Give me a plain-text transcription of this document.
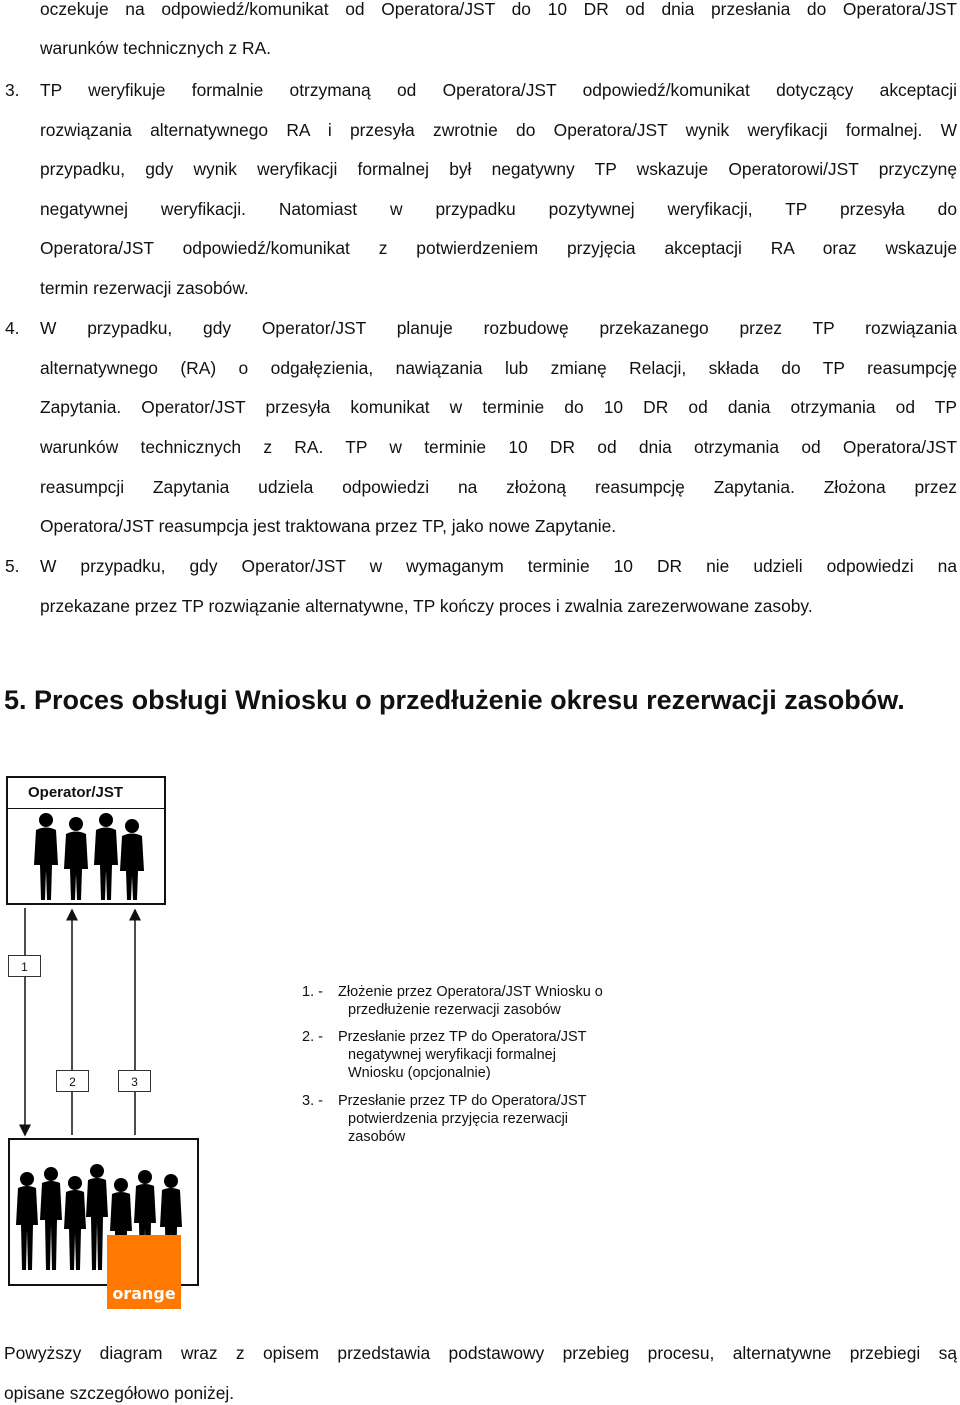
oczekuje na odpowiedź/komunikat od Operatora/JST do 10 DR od dnia przesłania do Operatora/JST
warunków technicznych z RA.
3. TP weryfikuje formalnie otrzymaną od Operatora/JST odpowiedź/komunikat dotyczący akceptacji
rozwiązania alternatywnego RA i przesyła zwrotnie do Operatora/JST wynik weryfikacji formalnej. W
przypadku, gdy wynik weryfikacji formalnej był negatywny TP wskazuje Operatorowi/JST przyczynę
negatywnej weryfikacji. Natomiast w przypadku pozytywnej weryfikacji, TP przesyła do
Operatora/JST odpowiedź/komunikat z potwierdzeniem przyjęcia akceptacji RA oraz wskazuje
termin rezerwacji zasobów.
4. W przypadku, gdy Operator/JST planuje rozbudowę przekazanego przez TP rozwiązania
alternatywnego (RA) o odgałęzienia, nawiązania lub zmianę Relacji, składa do TP reasumpcję
Zapytania. Operator/JST przesyła komunikat w terminie do 10 DR od dania otrzymania od TP
warunków technicznych z RA. TP w terminie 10 DR od dnia otrzymania od Operatora/JST
reasumpcji Zapytania udziela odpowiedzi na złożoną reasumpcję Zapytania. Złożona przez
Operatora/JST reasumpcja jest traktowana przez TP, jako nowe Zapytanie.
5. W przypadku, gdy Operator/JST w wymaganym terminie 10 DR nie udzieli odpowiedzi na
przekazane przez TP rozwiązanie alternatywne, TP kończy proces i zwalnia zarezerwowane zasoby.
5. Proces obsługi Wniosku o przedłużenie okresu rezerwacji zasobów.
Operator/JST
1
2	3
orange
1. - Złożenie przez Operatora/JST Wniosku o
przedłużenie rezerwacji zasobów
2. - Przesłanie przez TP do Operatora/JST
negatywnej weryfikacji formalnej
Wniosku (opcjonalnie)
3. - Przesłanie przez TP do Operatora/JST
potwierdzenia przyjęcia rezerwacji
zasobów
Powyższy diagram wraz z opisem przedstawia podstawowy przebieg procesu, alternatywne przebiegi są
opisane szczegółowo poniżej.
